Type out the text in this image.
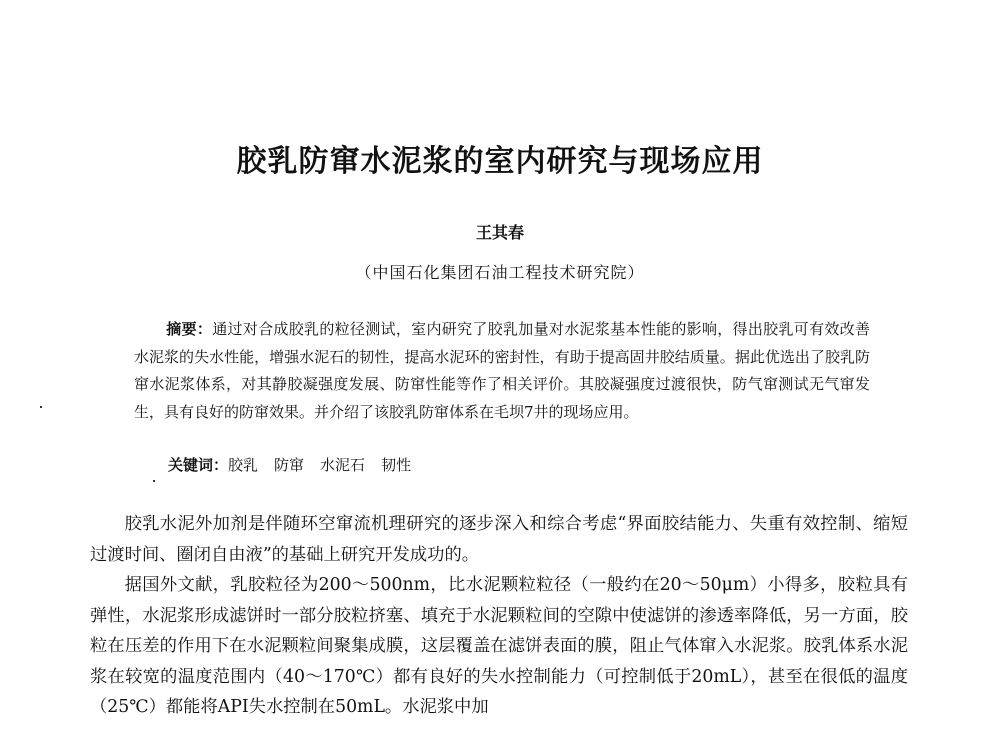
胶乳防窜水泥浆的室内研究与现场应用
王其春
（中国石化集团石油工程技术研究院）
摘要：通过对合成胶乳的粒径测试，室内研究了胶乳加量对水泥浆基本性能的影响，得出胶乳可有效改善水泥浆的失水性能，增强水泥石的韧性，提高水泥环的密封性，有助于提高固井胶结质量。据此优选出了胶乳防窜水泥浆体系，对其静胶凝强度发展、防窜性能等作了相关评价。其胶凝强度过渡很快，防气窜测试无气窜发生，具有良好的防窜效果。并介绍了该胶乳防窜体系在毛坝7井的现场应用。
关键词：胶乳 防窜 水泥石 韧性

胶乳水泥外加剂是伴随环空窜流机理研究的逐步深入和综合考虑“界面胶结能力、失重有效控制、缩短过渡时间、圈闭自由液”的基础上研究开发成功的。

据国外文献，乳胶粒径为200～500nm，比水泥颗粒粒径（一般约在20～50μm）小得多，胶粒具有弹性，水泥浆形成滤饼时一部分胶粒挤塞、填充于水泥颗粒间的空隙中使滤饼的渗透率降低，另一方面，胶粒在压差的作用下在水泥颗粒间聚集成膜，这层覆盖在滤饼表面的膜，阻止气体窜入水泥浆。胶乳体系水泥浆在较宽的温度范围内（40～170℃）都有良好的失水控制能力（可控制低于20mL），甚至在很低的温度（25℃）都能将API失水控制在50mL。水泥浆中加
